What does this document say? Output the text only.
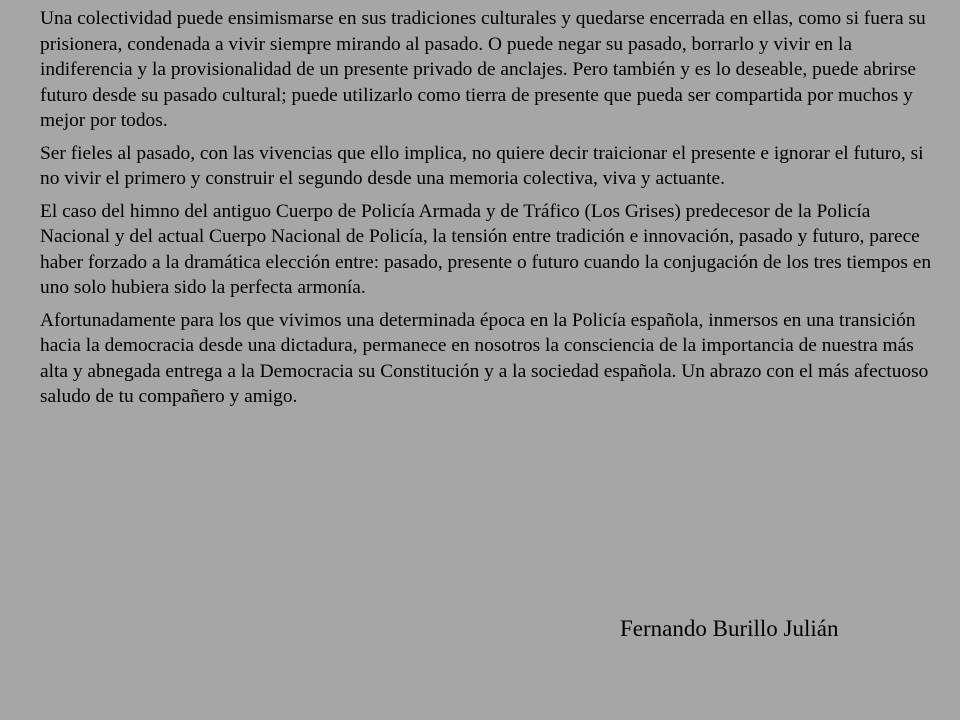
Una colectividad puede ensimismarse en sus tradiciones culturales y quedarse encerrada en ellas, como si fuera su prisionera, condenada a vivir siempre mirando al pasado. O puede negar su pasado, borrarlo y vivir en la indiferencia y la provisionalidad de un presente privado de anclajes. Pero también y es lo deseable, puede abrirse futuro desde su pasado cultural; puede utilizarlo como tierra de presente que pueda ser compartida por muchos y mejor por todos.

Ser fieles al pasado, con las vivencias que ello implica, no quiere decir traicionar el presente e ignorar el futuro, si no vivir el primero y construir el segundo desde una memoria colectiva, viva y actuante.

El caso del himno del antiguo Cuerpo de Policía Armada y de Tráfico (Los Grises) predecesor de la Policía Nacional y del actual Cuerpo Nacional de Policía, la tensión entre tradición e innovación, pasado y futuro, parece haber forzado a la dramática elección entre: pasado, presente o futuro cuando la conjugación de los tres tiempos en uno solo hubiera sido la perfecta armonía.

Afortunadamente para los que vivimos una determinada época en la Policía española, inmersos en una transición hacia la democracia desde una dictadura, permanece en nosotros la consciencia de la importancia de nuestra más alta y abnegada entrega a la Democracia su Constitución y a la sociedad española. Un abrazo con el más afectuoso saludo de tu compañero y amigo.

Fernando Burillo Julián
